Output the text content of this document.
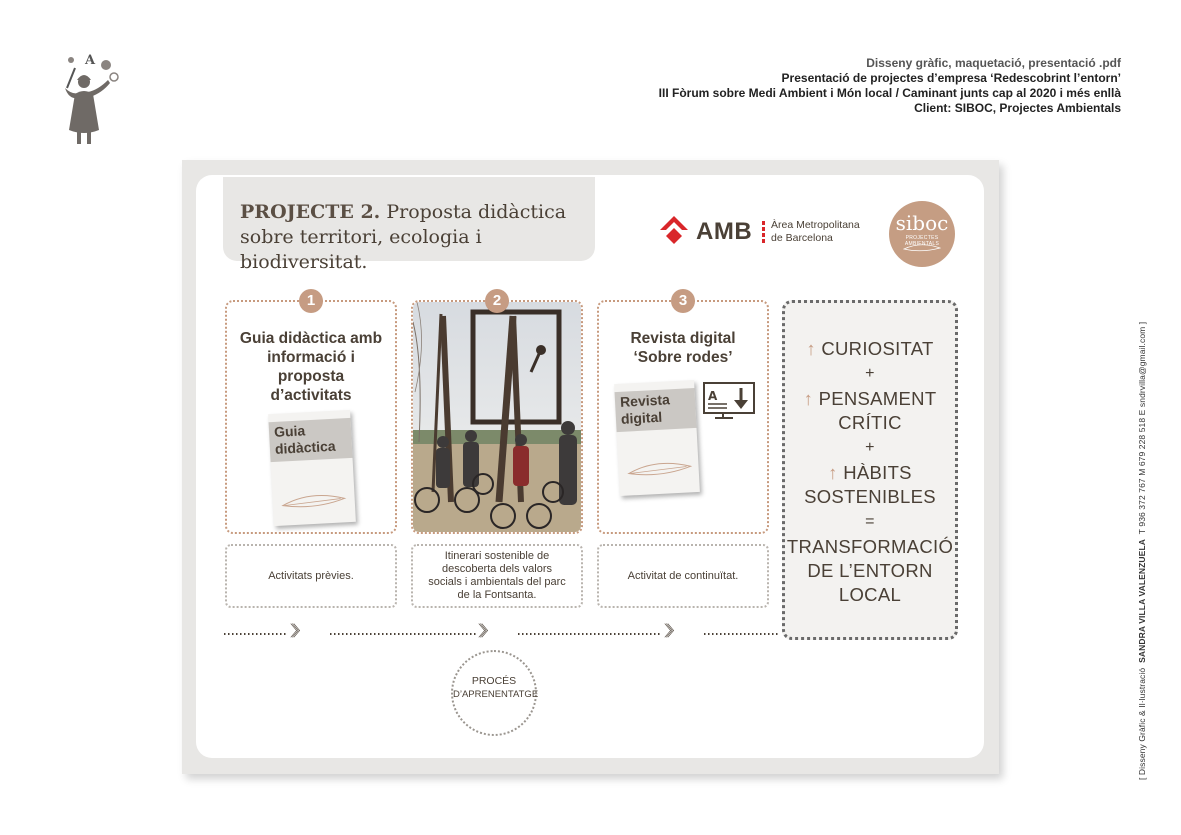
A	Disseny gràfic, maquetació, presentació .pdf
Presentació de projectes d’empresa ‘Redescobrint l’entorn’
III Fòrum sobre Medi Ambient i Món local / Caminant junts cap al 2020 i més enllà
Client: SIBOC, Projectes Ambientals
[ Disseny Gràfic & Il·lustració  SANDRA VILLA VALENZUELA  T 936 372 767 M 679 228 518 E sndrvilla@gmail.com ]
PROJECTE 2. Proposta didàctica sobre territori, ecologia i biodiversitat.
AMB Àrea Metropolitana
de Barcelona
siboc
PROJECTES AMBIENTALS
Guia didàctica amb informació i proposta d’activitats
Guia didàctica
1	2
Revista digital ‘Sobre rodes’
Revista digital
A
3
Activitats prèvies.
Itinerari sostenible de descoberta dels valors socials i ambientals del parc de la Fontsanta.
Activitat de continuïtat.
↑ CURIOSITAT
+
↑ PENSAMENT
CRÍTIC
+
↑ HÀBITS
SOSTENIBLES
=
TRANSFORMACIÓ
DE L’ENTORN
LOCAL
〉〉〉	〉〉〉	〉〉〉
PROCÉS
D’APRENENTATGE
